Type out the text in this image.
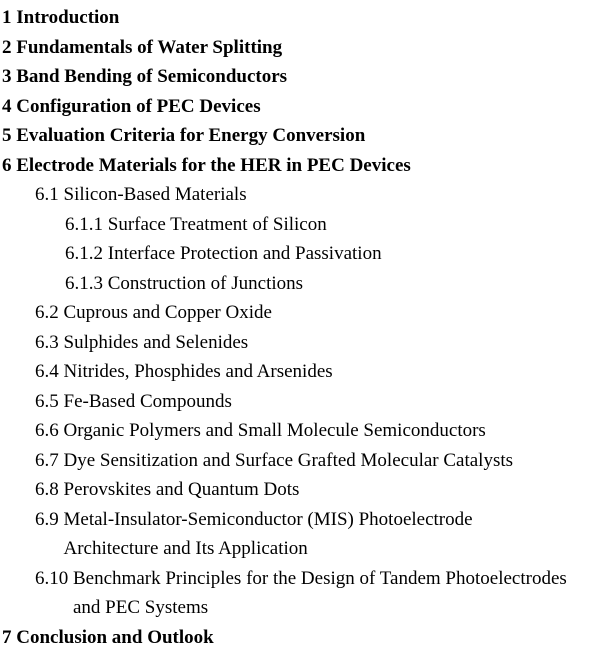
1 Introduction
2 Fundamentals of Water Splitting
3 Band Bending of Semiconductors
4 Configuration of PEC Devices
5 Evaluation Criteria for Energy Conversion
6 Electrode Materials for the HER in PEC Devices
6.1 Silicon-Based Materials
6.1.1 Surface Treatment of Silicon
6.1.2 Interface Protection and Passivation
6.1.3 Construction of Junctions
6.2 Cuprous and Copper Oxide
6.3 Sulphides and Selenides
6.4 Nitrides, Phosphides and Arsenides
6.5 Fe-Based Compounds
6.6 Organic Polymers and Small Molecule Semiconductors
6.7 Dye Sensitization and Surface Grafted Molecular Catalysts
6.8 Perovskites and Quantum Dots
6.9 Metal-Insulator-Semiconductor (MIS) Photoelectrode
Architecture and Its Application
6.10 Benchmark Principles for the Design of Tandem Photoelectrodes
and PEC Systems
7 Conclusion and Outlook
